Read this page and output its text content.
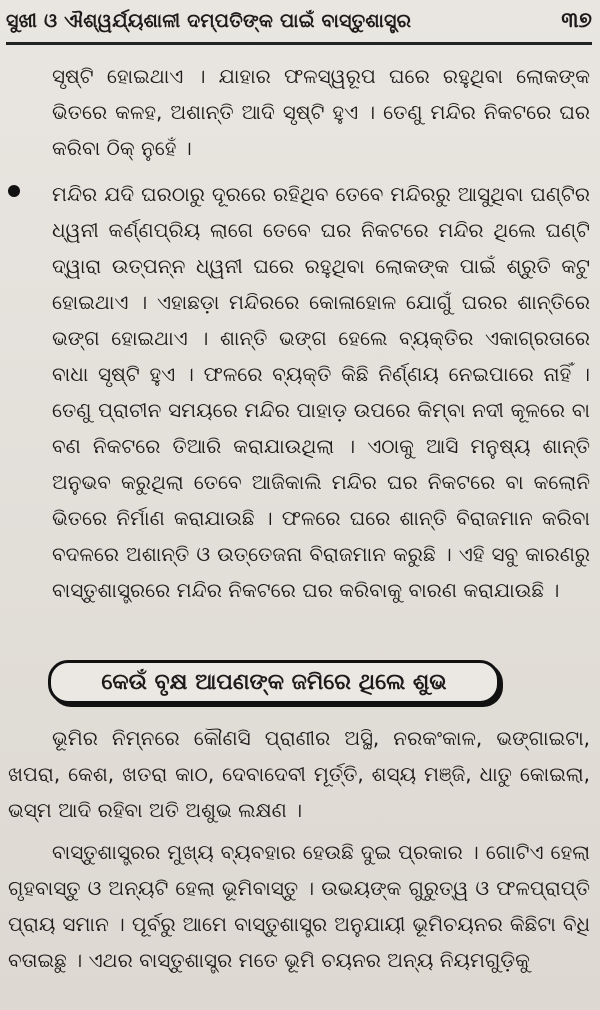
ସୁଖୀ ଓ ଐଶ୍ୱର୍ଯ୍ୟଶାଳୀ ଦମ୍ପତିଙ୍କ ପାଇଁ ବାସ୍ତୁଶାସ୍ତ୍ର	୩୭

ସୃଷ୍ଟି ହୋଇଥାଏ । ଯାହାର ଫଳସ୍ୱରୂପ ଘରେ ରହୁଥିବା ଲୋକଙ୍କ ଭିତରେ କଳହ, ଅଶାନ୍ତି ଆଦି ସୃଷ୍ଟି ହୁଏ । ତେଣୁ ମନ୍ଦିର ନିକଟରେ ଘର କରିବା ଠିକ୍ ନୁହେଁ ।

ମନ୍ଦିର ଯଦି ଘରଠାରୁ ଦୂରରେ ରହିଥିବ ତେବେ ମନ୍ଦିରରୁ ଆସୁଥିବା ଘଣ୍ଟିର ଧ୍ୱନୀ କର୍ଣ୍ଣପ୍ରିୟ ଲାଗେ ତେବେ ଘର ନିକଟରେ ମନ୍ଦିର ଥିଲେ ଘଣ୍ଟି ଦ୍ୱାରା ଉତ୍ପନ୍ନ ଧ୍ୱନୀ ଘରେ ରହୁଥିବା ଲୋକଙ୍କ ପାଇଁ ଶ୍ରୁତି କଟୁ ହୋଇଥାଏ । ଏହାଛଡ଼ା ମନ୍ଦିରରେ କୋଳାହୋଳ ଯୋଗୁଁ ଘରର ଶାନ୍ତିରେ ଭଙ୍ଗ ହୋଇଥାଏ । ଶାନ୍ତି ଭଙ୍ଗ ହେଲେ ବ୍ୟକ୍ତିର ଏକାଗ୍ରତାରେ ବାଧା ସୃଷ୍ଟି ହୁଏ । ଫଳରେ ବ୍ୟକ୍ତି କିଛି ନିର୍ଣ୍ଣୟ ନେଇପାରେ ନାହିଁ । ତେଣୁ ପ୍ରାଚୀନ ସମୟରେ ମନ୍ଦିର ପାହାଡ଼ ଉପରେ କିମ୍ବା ନଦୀ କୂଳରେ ବା ବଣ ନିକଟରେ ତିଆରି କରାଯାଉଥିଲା । ଏଠାକୁ ଆସି ମନୁଷ୍ୟ ଶାନ୍ତି ଅନୁଭବ କରୁଥିଲା ତେବେ ଆଜିକାଲି ମନ୍ଦିର ଘର ନିକଟରେ ବା କଲୋନି ଭିତରେ ନିର୍ମାଣ କରାଯାଉଛି । ଫଳରେ ଘରେ ଶାନ୍ତି ବିରାଜମାନ କରିବା ବଦଳରେ ଅଶାନ୍ତି ଓ ଉତ୍ତେଜନା ବିରାଜମାନ କରୁଛି । ଏହି ସବୁ କାରଣରୁ ବାସ୍ତୁଶାସ୍ତ୍ରରେ ମନ୍ଦିର ନିକଟରେ ଘର କରିବାକୁ ବାରଣ କରାଯାଉଛି ।

କେଉଁ ବୃକ୍ଷ ଆପଣଙ୍କ ଜମିରେ ଥିଲେ ଶୁଭ

ଭୂମିର ନିମ୍ନରେ କୌଣସି ପ୍ରାଣୀର ଅସ୍ଥି, ନରକଂକାଳ, ଭଙ୍ଗାଇଟା, ଖପରା, କେଶ, ଖତରା କାଠ, ଦେବାଦେବୀ ମୂର୍ତ୍ତି, ଶସ୍ୟ ମଞ୍ଜି, ଧାତୁ କୋଇଲା, ଭସ୍ମ ଆଦି ରହିବା ଅତି ଅଶୁଭ ଲକ୍ଷଣ ।

ବାସ୍ତୁଶାସ୍ତ୍ରର ମୁଖ୍ୟ ବ୍ୟବହାର ହେଉଛି ଦୁଇ ପ୍ରକାର । ଗୋଟିଏ ହେଲା ଗୃହବାସ୍ତୁ ଓ ଅନ୍ୟଟି ହେଲା ଭୂମିବାସ୍ତୁ । ଉଭୟଙ୍କ ଗୁରୁତ୍ୱ ଓ ଫଳପ୍ରାପ୍ତି ପ୍ରାୟ ସମାନ । ପୂର୍ବରୁ ଆମେ ବାସ୍ତୁଶାସ୍ତ୍ର ଅନୁଯାୟୀ ଭୂମିଚୟନର କିଛିଟା ବିଧି ବତାଇଛୁ । ଏଥର ବାସ୍ତୁଶାସ୍ତ୍ର ମତେ ଭୂମି ଚୟନର ଅନ୍ୟ ନିୟମଗୁଡ଼ିକୁ
